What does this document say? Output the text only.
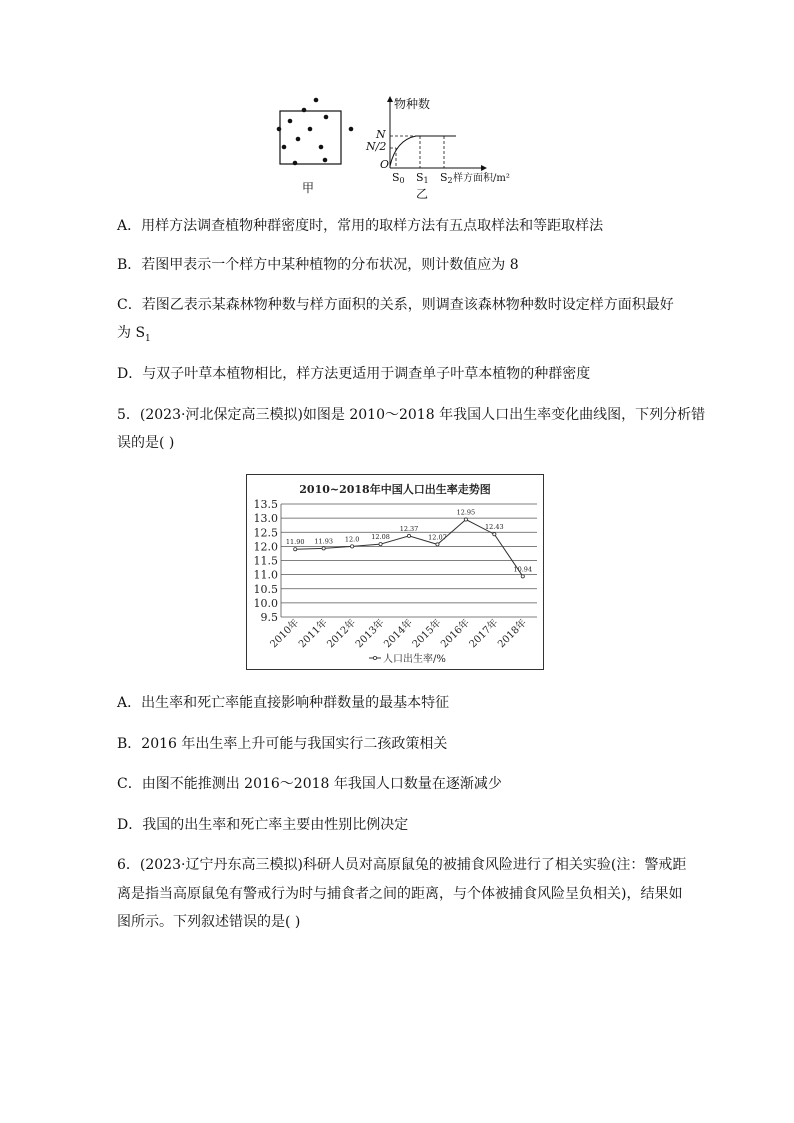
甲
物种数
N
N/2
O
S0 S1 S2 样方面积/m²
乙
A．用样方法调查植物种群密度时，常用的取样方法有五点取样法和等距取样法
B．若图甲表示一个样方中某种植物的分布状况，则计数值应为 8
C．若图乙表示某森林物种数与样方面积的关系，则调查该森林物种数时设定样方面积最好
为 $S_1$
D．与双子叶草本植物相比，样方法更适用于调查单子叶草本植物的种群密度
5．(2023·河北保定高三模拟)如图是 2010～2018 年我国人口出生率变化曲线图，下列分析错
误的是( )
2010~2018年中国人口出生率走势图
13.5
13.0
12.5
12.0
11.5
11.0
10.5
10.0
9.5
2010年
2011年
2012年
2013年
2014年
2015年
2016年
2017年
2018年
11.90 11.93 12.0 12.08
12.37
12.07
12.95
12.43
10.94
人口出生率/%
A．出生率和死亡率能直接影响种群数量的最基本特征
B．2016 年出生率上升可能与我国实行二孩政策相关
C．由图不能推测出 2016～2018 年我国人口数量在逐渐减少
D．我国的出生率和死亡率主要由性别比例决定
6．(2023·辽宁丹东高三模拟)科研人员对高原鼠兔的被捕食风险进行了相关实验(注：警戒距
离是指当高原鼠兔有警戒行为时与捕食者之间的距离，与个体被捕食风险呈负相关)，结果如
图所示。下列叙述错误的是( )
